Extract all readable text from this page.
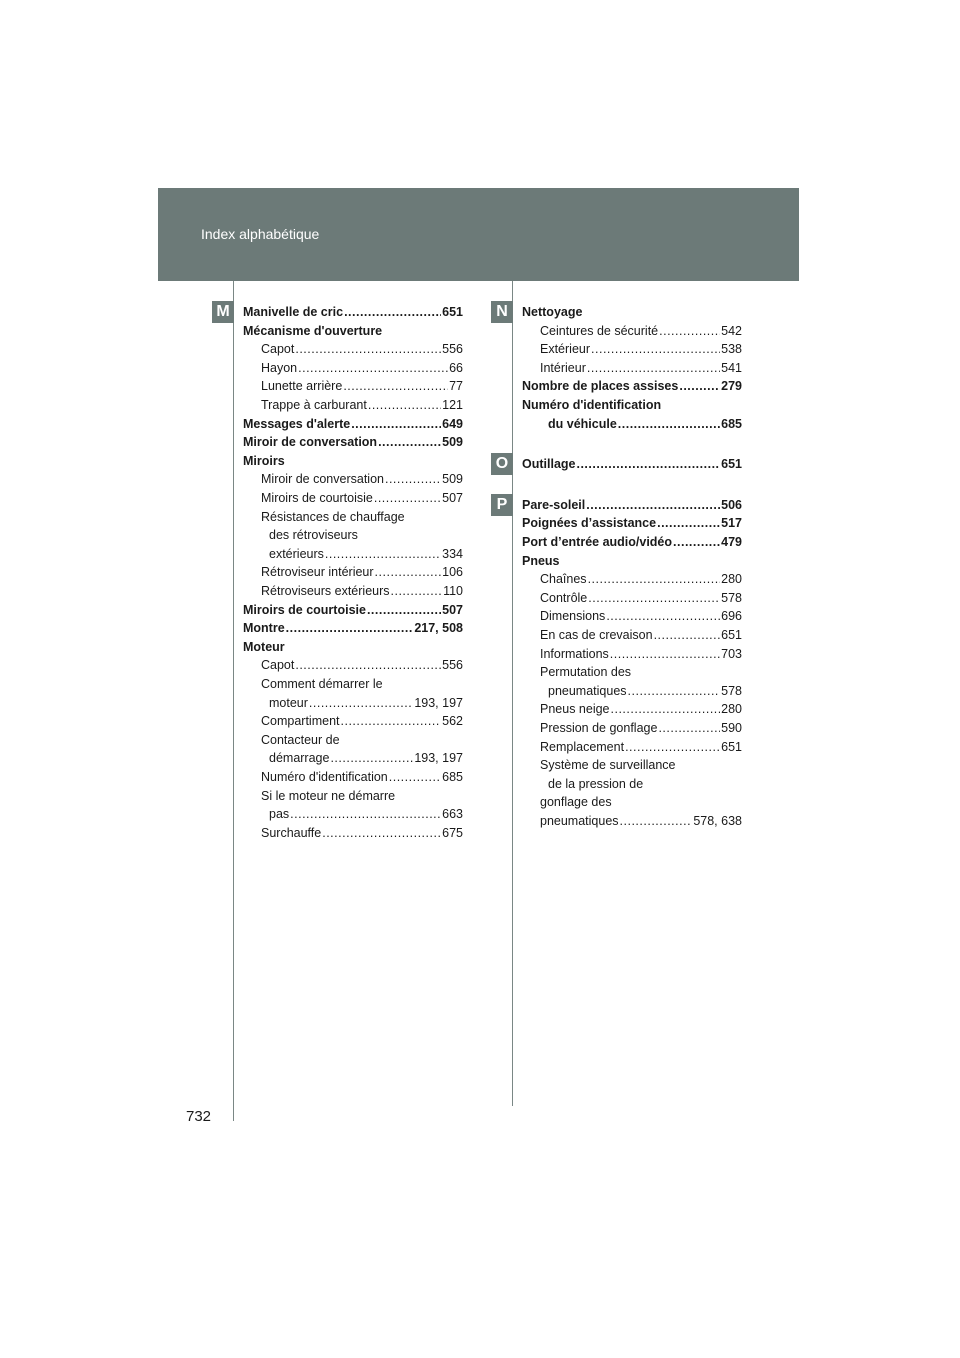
Index alphabétique
M	Manivelle de cric .....	651
Mécanisme d'ouverture
Capot .....	556
Hayon .....	66
Lunette arrière .....	77
Trappe à carburant .....	121
Messages d'alerte .....	649
Miroir de conversation .....	509
Miroirs
Miroir de conversation .....	509
Miroirs de courtoisie .....	507
Résistances de chauffage
des rétroviseurs
extérieurs .....	334
Rétroviseur intérieur .....	106
Rétroviseurs extérieurs .....	110
Miroirs de courtoisie .....	507
Montre .....	217, 508
Moteur
Capot .....	556
Comment démarrer le
moteur .....	193, 197
Compartiment .....	562
Contacteur de
démarrage .....	193, 197
Numéro d'identification .....	685
Si le moteur ne démarre
pas .....	663
Surchauffe .....	675
N	Nettoyage
Ceintures de sécurité .....	542
Extérieur .....	538
Intérieur .....	541
Nombre de places assises .....	279
Numéro d'identification
du véhicule .....	685
O	Outillage .....	651
P	Pare-soleil .....	506
Poignées d’assistance .....	517
Port d’entrée audio/vidéo .....	479
Pneus
Chaînes .....	280
Contrôle .....	578
Dimensions .....	696
En cas de crevaison .....	651
Informations .....	703
Permutation des
pneumatiques .....	578
Pneus neige .....	280
Pression de gonflage .....	590
Remplacement .....	651
Système de surveillance
de la pression de
gonflage des
pneumatiques .....	578, 638
732
